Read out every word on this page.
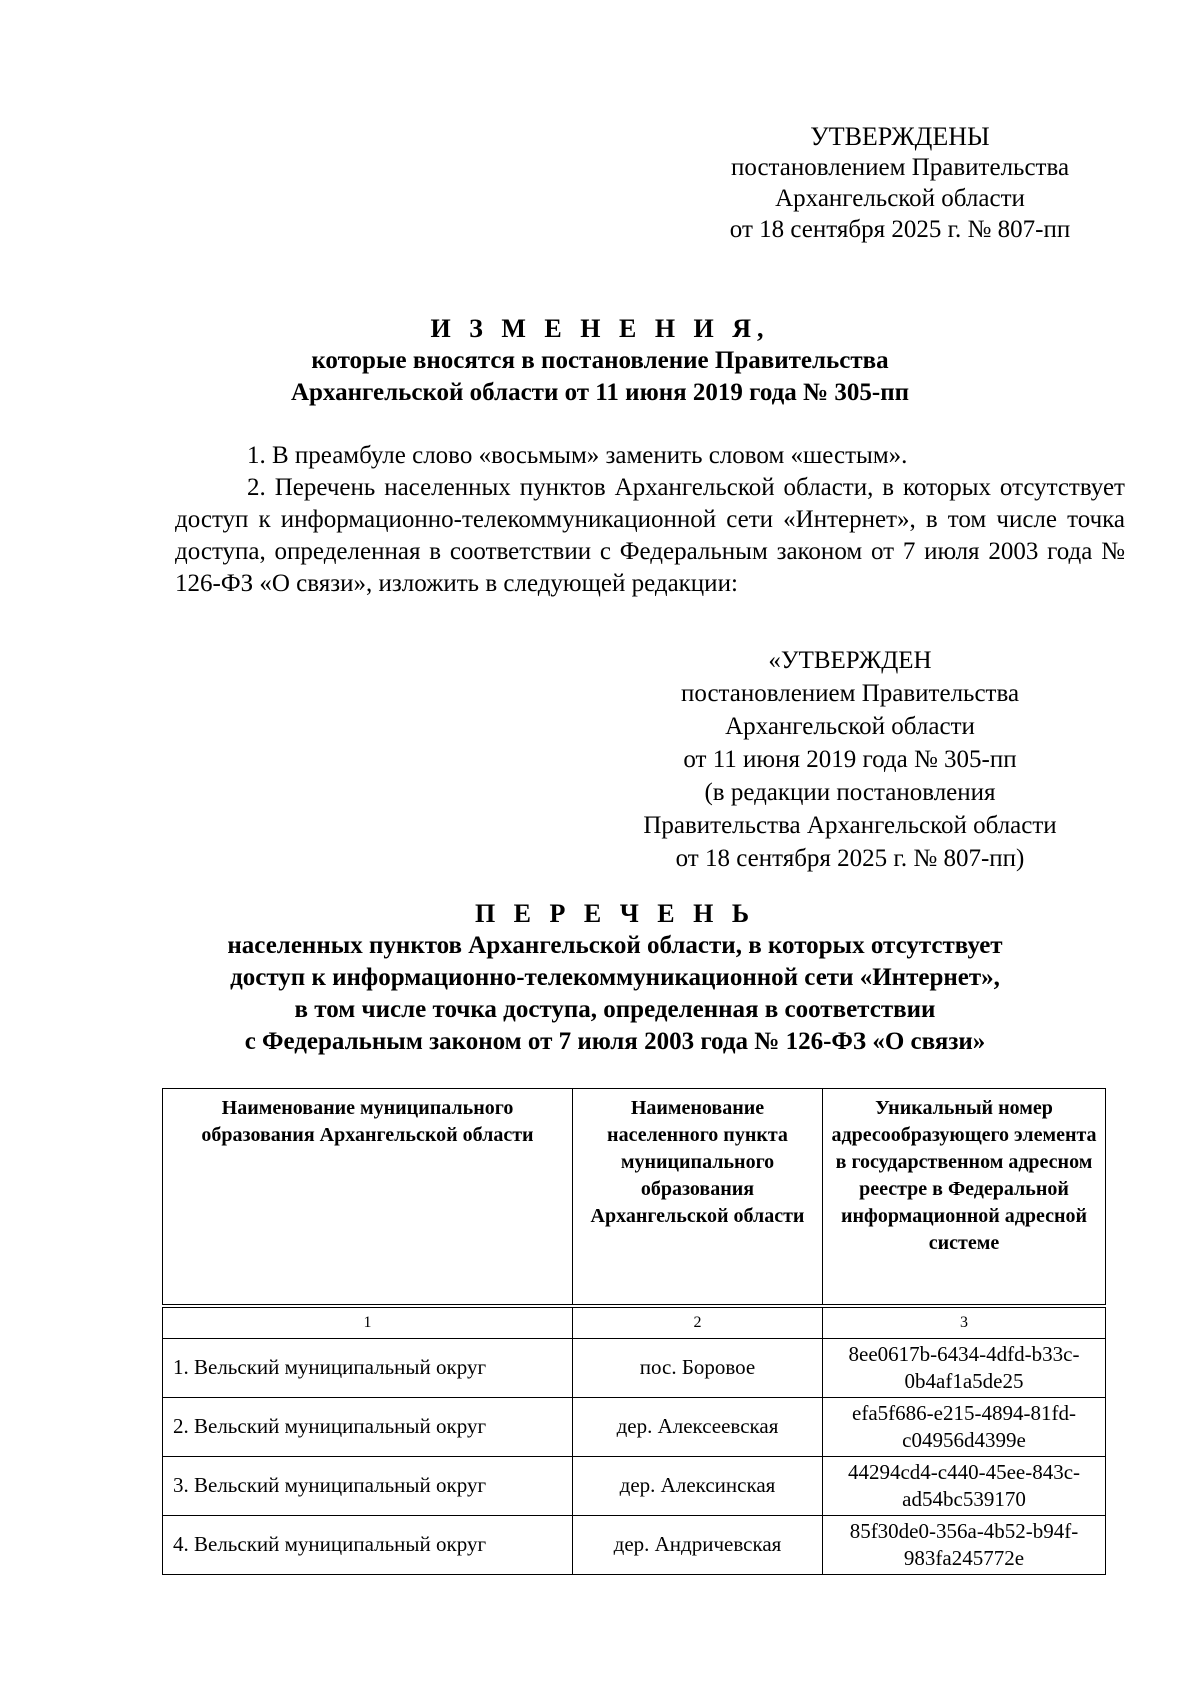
УТВЕРЖДЕНЫ
постановлением Правительства
Архангельской области
от 18 сентября 2025 г. № 807-пп
И З М Е Н Е Н И Я,
которые вносятся в постановление Правительства
Архангельской области от 11 июня 2019 года № 305-пп

1. В преамбуле слово «восьмым» заменить словом «шестым».

2. Перечень населенных пунктов Архангельской области, в которых отсутствует доступ к информационно-телекоммуникационной сети «Интернет», в том числе точка доступа, определенная в соответствии с Федеральным законом от 7 июля 2003 года № 126-ФЗ «О связи», изложить в следующей редакции:

«УТВЕРЖДЕН
постановлением Правительства
Архангельской области
от 11 июня 2019 года № 305-пп
(в редакции постановления
Правительства Архангельской области
от 18 сентября 2025 г. № 807-пп)
П Е Р Е Ч Е Н Ь
населенных пунктов Архангельской области, в которых отсутствует
доступ к информационно-телекоммуникационной сети «Интернет»,
в том числе точка доступа, определенная в соответствии
с Федеральным законом от 7 июля 2003 года № 126-ФЗ «О связи»
Наименование муниципального образования Архангельской области	Наименование населенного пункта муниципального образования Архангельской области	Уникальный номер адресообразующего элемента в государственном адресном реестре в Федеральной информационной адресной системе
1	2	3
1. Вельский муниципальный округ	пос. Боровое	8ee0617b-6434-4dfd-b33c-0b4af1a5de25
2. Вельский муниципальный округ	дер. Алексеевская	efa5f686-e215-4894-81fd-c04956d4399e
3. Вельский муниципальный округ	дер. Алексинская	44294cd4-c440-45ee-843c-ad54bc539170
4. Вельский муниципальный округ	дер. Андричевская	85f30de0-356a-4b52-b94f-983fa245772e
